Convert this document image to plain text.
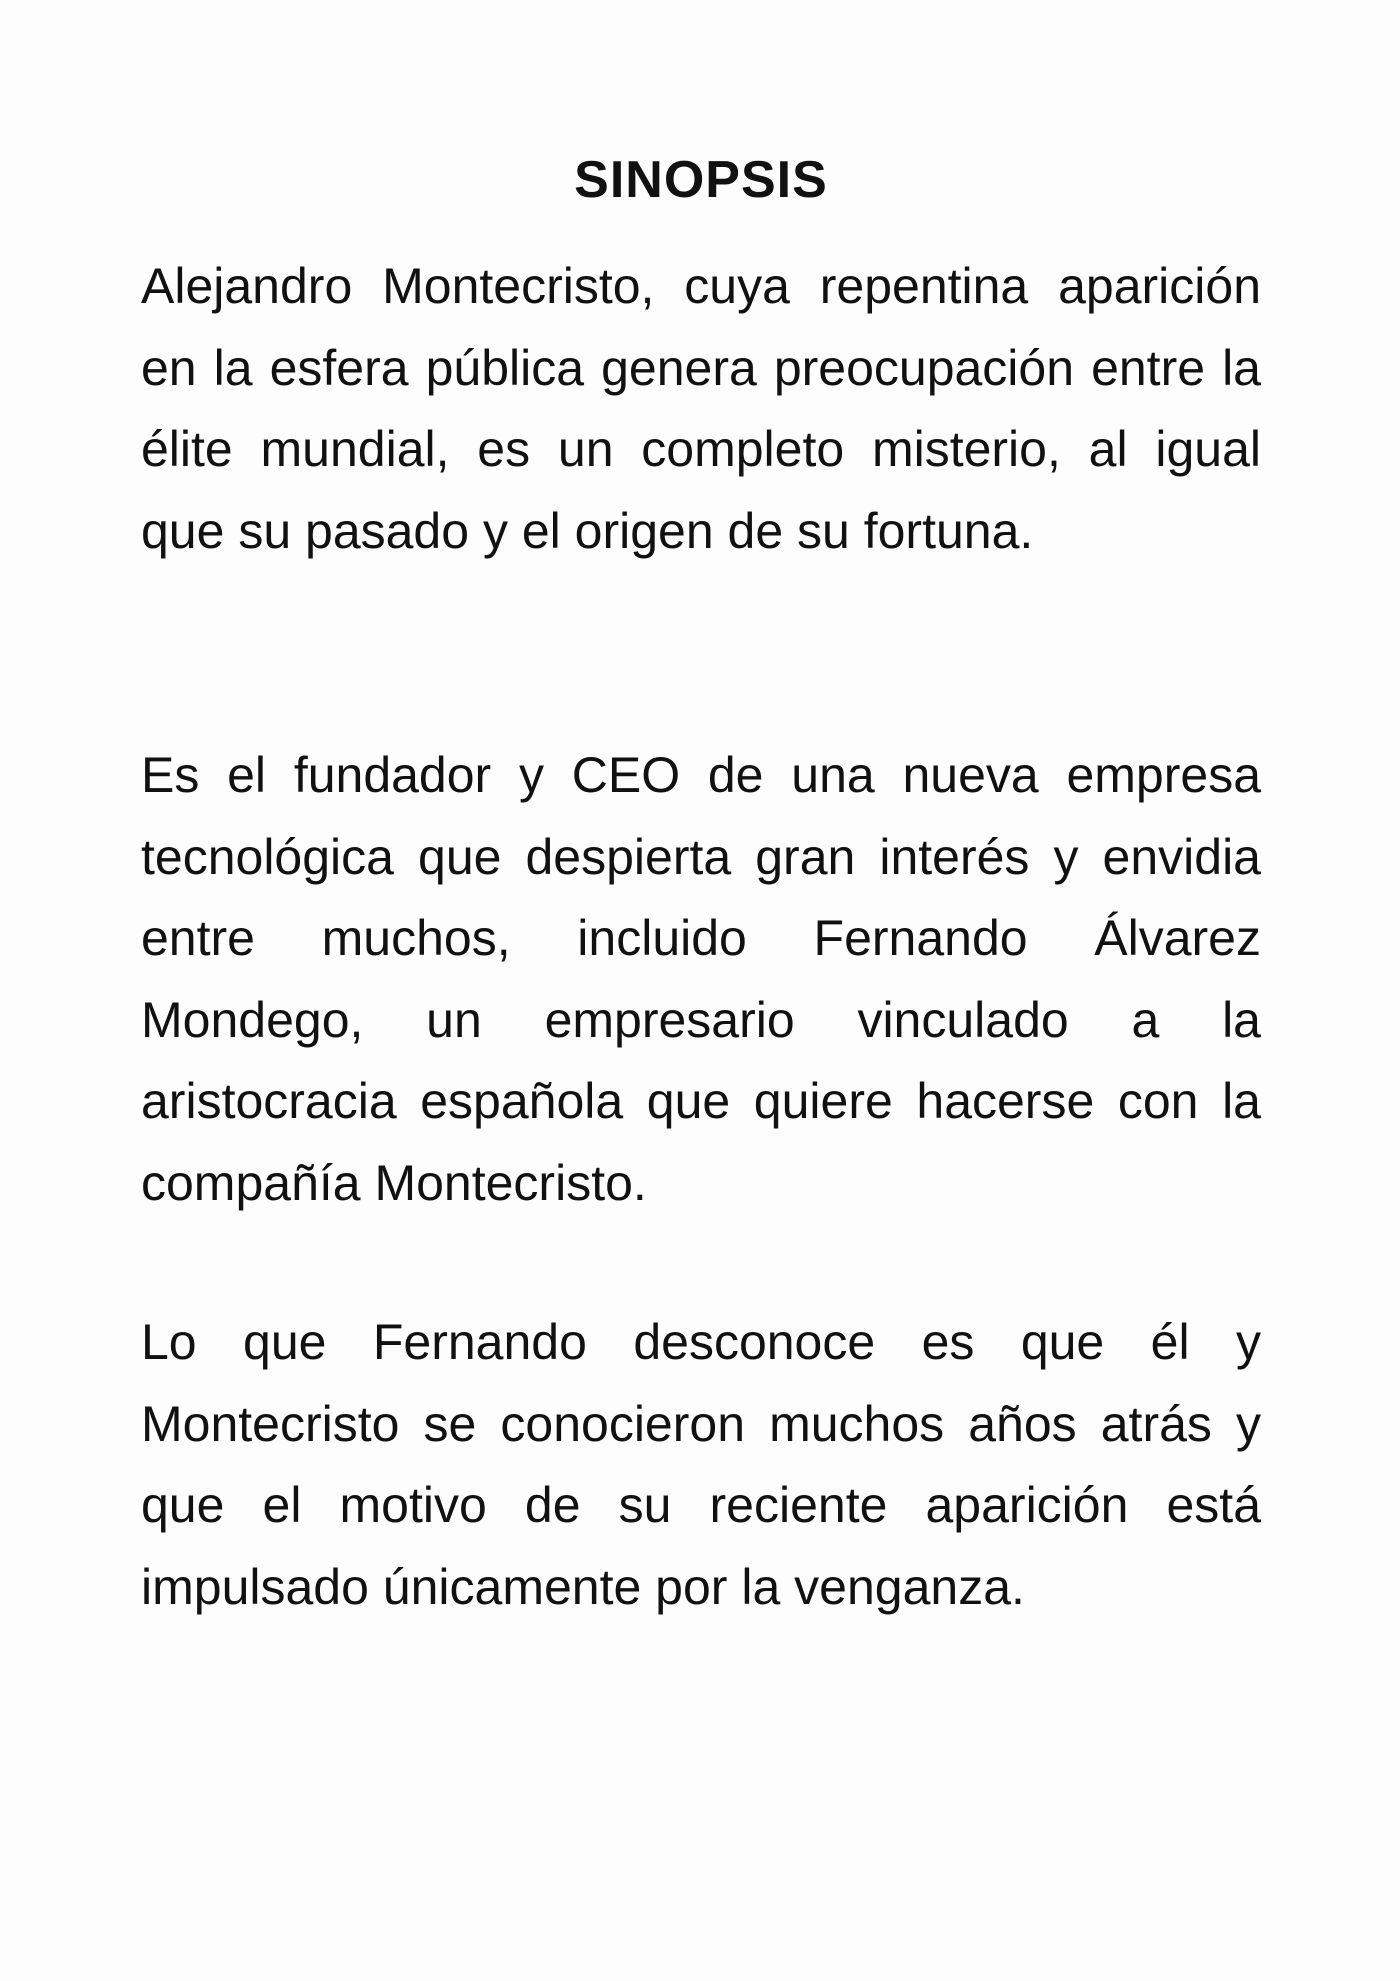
SINOPSIS

Alejandro Montecristo, cuya repentina aparición en la esfera pública genera preocupación entre la élite mundial, es un completo misterio, al igual que su pasado y el origen de su fortuna.

Es el fundador y CEO de una nueva empresa tecnológica que despierta gran interés y envidia entre muchos, incluido Fernando Álvarez Mondego, un empresario vinculado a la aristocracia española que quiere hacerse con la compañía Montecristo.

Lo que Fernando desconoce es que él y Montecristo se conocieron muchos años atrás y que el motivo de su reciente aparición está impulsado únicamente por la venganza.
